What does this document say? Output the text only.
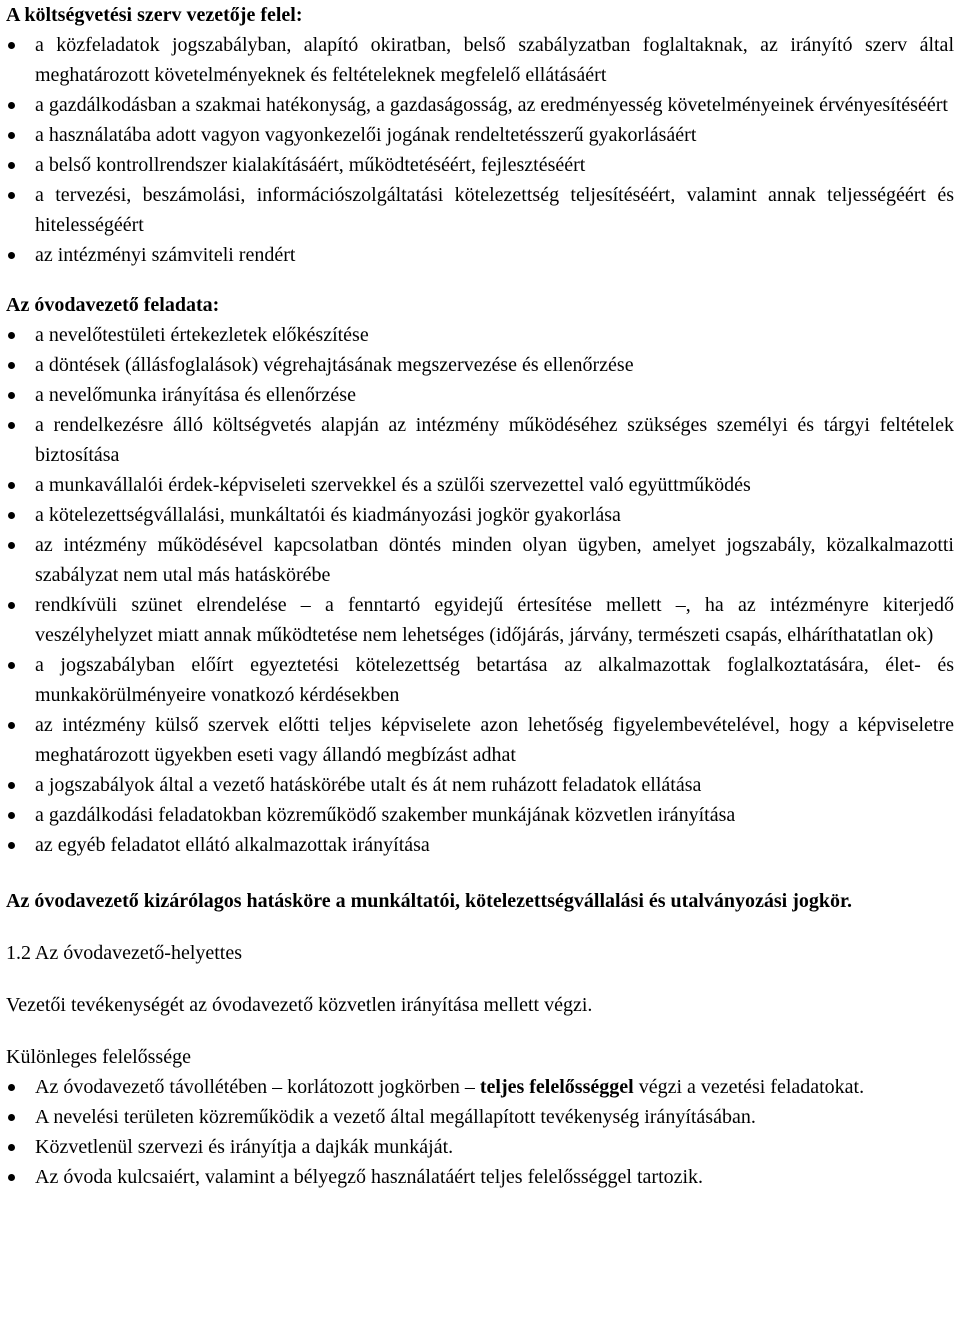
A költségvetési szerv vezetője felel:

a közfeladatok jogszabályban, alapító okiratban, belső szabályzatban foglaltaknak, az irányító szerv által meghatározott követelményeknek és feltételeknek megfelelő ellátásáért
a gazdálkodásban a szakmai hatékonyság, a gazdaságosság, az eredményesség követelményeinek érvényesítéséért
a használatába adott vagyon vagyonkezelői jogának rendeltetésszerű gyakorlásáért
a belső kontrollrendszer kialakításáért, működtetéséért, fejlesztéséért
a tervezési, beszámolási, információszolgáltatási kötelezettség teljesítéséért, valamint annak teljességéért és hitelességéért
az intézményi számviteli rendért

Az óvodavezető feladata:

a nevelőtestületi értekezletek előkészítése
a döntések (állásfoglalások) végrehajtásának megszervezése és ellenőrzése
a nevelőmunka irányítása és ellenőrzése
a rendelkezésre álló költségvetés alapján az intézmény működéséhez szükséges személyi és tárgyi feltételek biztosítása
a munkavállalói érdek-képviseleti szervekkel és a szülői szervezettel való együttműködés
a kötelezettségvállalási, munkáltatói és kiadmányozási jogkör gyakorlása
az intézmény működésével kapcsolatban döntés minden olyan ügyben, amelyet jogszabály, közalkalmazotti szabályzat nem utal más hatáskörébe
rendkívüli szünet elrendelése – a fenntartó egyidejű értesítése mellett –, ha az intézményre kiterjedő veszélyhelyzet miatt annak működtetése nem lehetséges (időjárás, járvány, természeti csapás, elháríthatatlan ok)
a jogszabályban előírt egyeztetési kötelezettség betartása az alkalmazottak foglalkoztatására, élet- és munkakörülményeire vonatkozó kérdésekben
az intézmény külső szervek előtti teljes képviselete azon lehetőség figyelembevételével, hogy a képviseletre meghatározott ügyekben eseti vagy állandó megbízást adhat
a jogszabályok által a vezető hatáskörébe utalt és át nem ruházott feladatok ellátása
a gazdálkodási feladatokban közreműködő szakember munkájának közvetlen irányítása
az egyéb feladatot ellátó alkalmazottak irányítása

Az óvodavezető kizárólagos hatásköre a munkáltatói, kötelezettségvállalási és utalványozási jogkör.

1.2 Az óvodavezető-helyettes

Vezetői tevékenységét az óvodavezető közvetlen irányítása mellett végzi.

Különleges felelőssége

Az óvodavezető távollétében – korlátozott jogkörben – teljes felelősséggel végzi a vezetési feladatokat.
A nevelési területen közreműködik a vezető által megállapított tevékenység irányításában.
Közvetlenül szervezi és irányítja a dajkák munkáját.
Az óvoda kulcsaiért, valamint a bélyegző használatáért teljes felelősséggel tartozik.
